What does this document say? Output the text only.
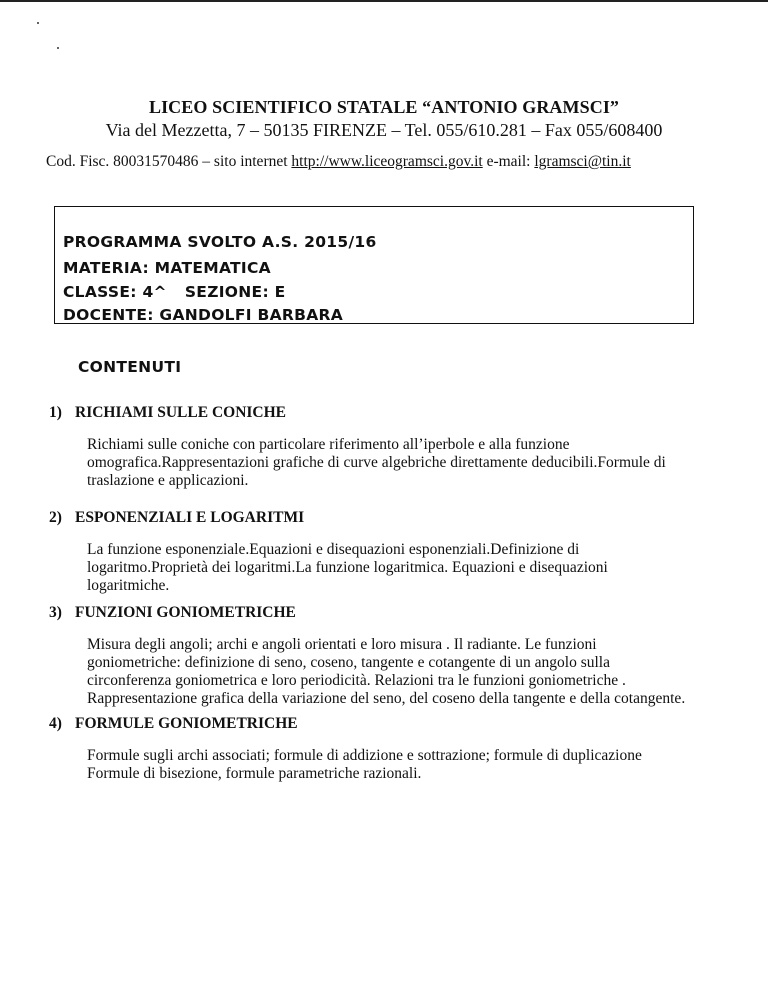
LICEO SCIENTIFICO STATALE “ANTONIO GRAMSCI”
Via del Mezzetta, 7 – 50135 FIRENZE – Tel. 055/610.281 – Fax 055/608400
Cod. Fisc. 80031570486 – sito internet http://www.liceogramsci.gov.it e-mail: lgramsci@tin.it
PROGRAMMA SVOLTO A.S. 2015/16
MATERIA: MATEMATICA
CLASSE: 4^ SEZIONE: E
DOCENTE: GANDOLFI BARBARA
CONTENUTI
1) RICHIAMI SULLE CONICHE
Richiami sulle coniche con particolare riferimento all’iperbole e alla funzione
omografica.Rappresentazioni grafiche di curve algebriche direttamente deducibili.Formule di
traslazione e applicazioni.
2) ESPONENZIALI E LOGARITMI
La funzione esponenziale.Equazioni e disequazioni esponenziali.Definizione di
logaritmo.Proprietà dei logaritmi.La funzione logaritmica. Equazioni e disequazioni
logaritmiche.
3) FUNZIONI GONIOMETRICHE
Misura degli angoli; archi e angoli orientati e loro misura . Il radiante. Le funzioni
goniometriche: definizione di seno, coseno, tangente e cotangente di un angolo sulla
circonferenza goniometrica e loro periodicità. Relazioni tra le funzioni goniometriche .
Rappresentazione grafica della variazione del seno, del coseno della tangente e della cotangente.
4) FORMULE GONIOMETRICHE
Formule sugli archi associati; formule di addizione e sottrazione; formule di duplicazione
Formule di bisezione, formule parametriche razionali.
